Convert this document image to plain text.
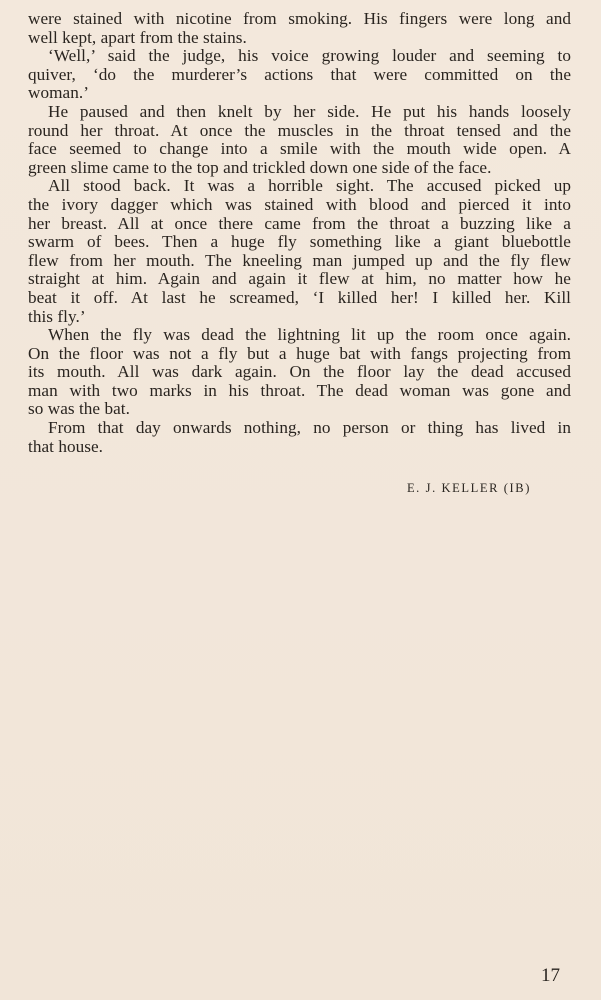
were stained with nicotine from smoking. His fingers were long and
well kept, apart from the stains.

‘Well,’ said the judge, his voice growing louder and seeming to
quiver, ‘do the murderer’s actions that were committed on the
woman.’

He paused and then knelt by her side. He put his hands loosely
round her throat. At once the muscles in the throat tensed and the
face seemed to change into a smile with the mouth wide open. A
green slime came to the top and trickled down one side of the face.

All stood back. It was a horrible sight. The accused picked up
the ivory dagger which was stained with blood and pierced it into
her breast. All at once there came from the throat a buzzing like a
swarm of bees. Then a huge fly something like a giant bluebottle
flew from her mouth. The kneeling man jumped up and the fly flew
straight at him. Again and again it flew at him, no matter how he
beat it off. At last he screamed, ‘I killed her! I killed her. Kill
this fly.’

When the fly was dead the lightning lit up the room once again.
On the floor was not a fly but a huge bat with fangs projecting from
its mouth. All was dark again. On the floor lay the dead accused
man with two marks in his throat. The dead woman was gone and
so was the bat.

From that day onwards nothing, no person or thing has lived in
that house.

E. J. KELLER (IB)
17
